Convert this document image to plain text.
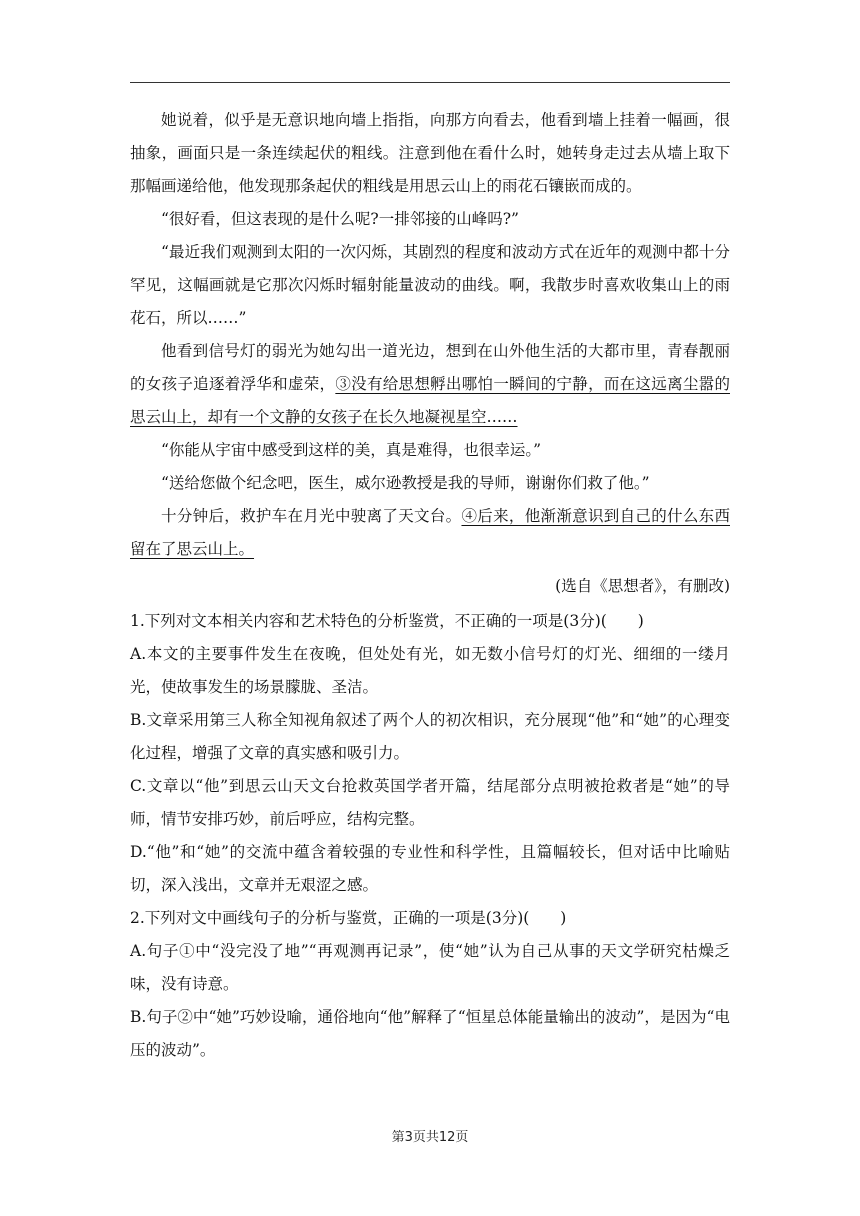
她说着，似乎是无意识地向墙上指指，向那方向看去，他看到墙上挂着一幅画，很抽象，画面只是一条连续起伏的粗线。注意到他在看什么时，她转身走过去从墙上取下那幅画递给他，他发现那条起伏的粗线是用思云山上的雨花石镶嵌而成的。

“很好看，但这表现的是什么呢?一排邻接的山峰吗?”

“最近我们观测到太阳的一次闪烁，其剧烈的程度和波动方式在近年的观测中都十分罕见，这幅画就是它那次闪烁时辐射能量波动的曲线。啊，我散步时喜欢收集山上的雨花石，所以……”

他看到信号灯的弱光为她勾出一道光边，想到在山外他生活的大都市里，青春靓丽的女孩子追逐着浮华和虚荣，③没有给思想孵出哪怕一瞬间的宁静，而在这远离尘嚣的思云山上，却有一个文静的女孩子在长久地凝视星空……

“你能从宇宙中感受到这样的美，真是难得，也很幸运。”

“送给您做个纪念吧，医生，威尔逊教授是我的导师，谢谢你们救了他。”

十分钟后，救护车在月光中驶离了天文台。④后来，他渐渐意识到自己的什么东西留在了思云山上。

(选自《思想者》，有删改)

1.下列对文本相关内容和艺术特色的分析鉴赏，不正确的一项是(3分)(　　)

A.本文的主要事件发生在夜晚，但处处有光，如无数小信号灯的灯光、细细的一缕月光，使故事发生的场景朦胧、圣洁。

B.文章采用第三人称全知视角叙述了两个人的初次相识，充分展现“他”和“她”的心理变化过程，增强了文章的真实感和吸引力。

C.文章以“他”到思云山天文台抢救英国学者开篇，结尾部分点明被抢救者是“她”的导师，情节安排巧妙，前后呼应，结构完整。

D.“他”和“她”的交流中蕴含着较强的专业性和科学性，且篇幅较长，但对话中比喻贴切，深入浅出，文章并无艰涩之感。

2.下列对文中画线句子的分析与鉴赏，正确的一项是(3分)(　　)

A.句子①中“没完没了地”“再观测再记录”，使“她”认为自己从事的天文学研究枯燥乏味，没有诗意。

B.句子②中“她”巧妙设喻，通俗地向“他”解释了“恒星总体能量输出的波动”，是因为“电压的波动”。

第3页共12页
